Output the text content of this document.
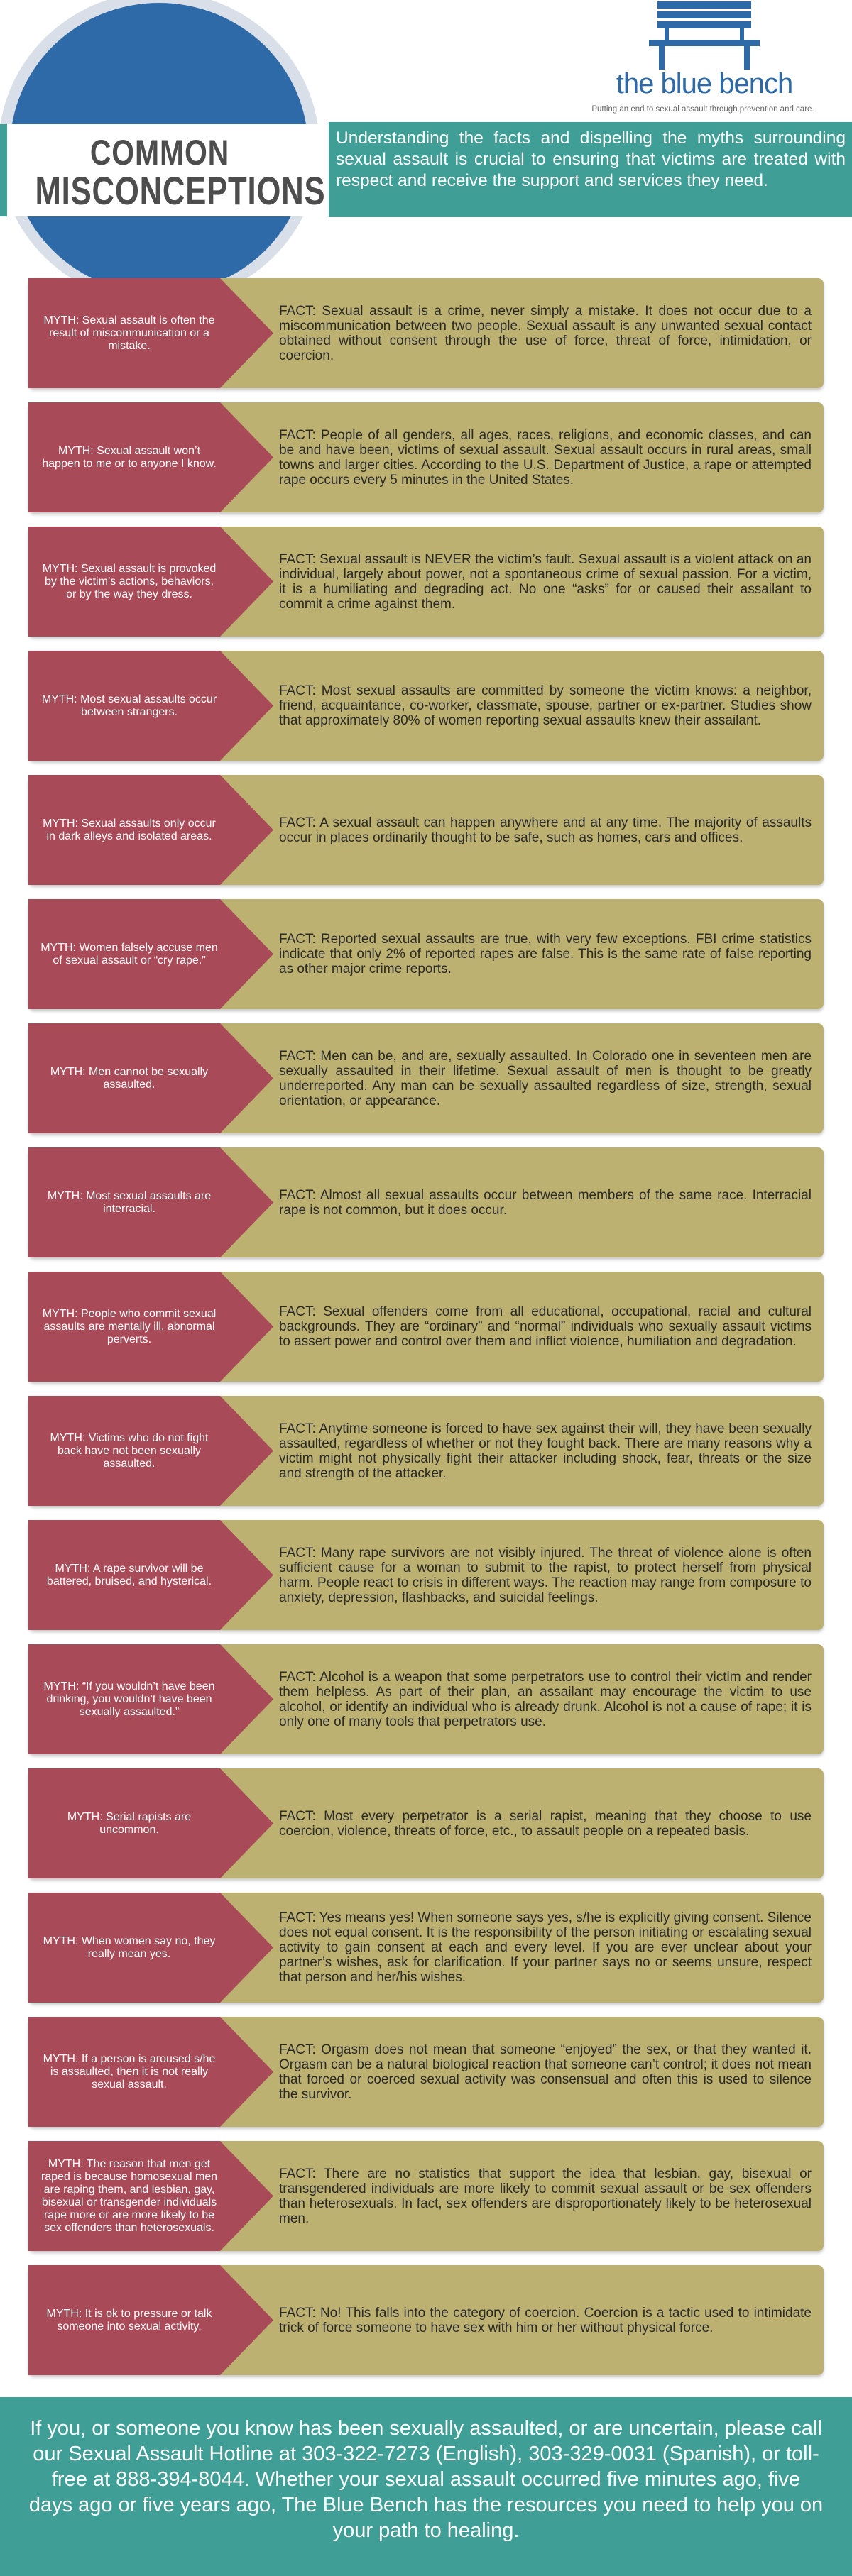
COMMON
MISCONCEPTIONS
Understanding the facts and dispelling the myths surrounding sexual assault is crucial to ensuring that victims are treated with respect and receive the support and services they need.
the blue bench
Putting an end to sexual assault through prevention and care.
MYTH: Sexual assault is often the result of miscommunication or a mistake.
FACT: Sexual assault is a crime, never simply a mistake. It does not occur due to a miscommunication between two people. Sexual assault is any unwanted sexual contact obtained without consent through the use of force, threat of force, intimidation, or coercion.
MYTH: Sexual assault won’t happen to me or to anyone I know.
FACT: People of all genders, all ages, races, religions, and economic classes, and can be and have been, victims of sexual assault. Sexual assault occurs in rural areas, small towns and larger cities. According to the U.S. Department of Justice, a rape or attempted rape occurs every 5 minutes in the United States.
MYTH: Sexual assault is provoked by the victim’s actions, behaviors, or by the way they dress.
FACT: Sexual assault is NEVER the victim’s fault. Sexual assault is a violent attack on an individual, largely about power, not a spontaneous crime of sexual passion. For a victim, it is a humiliating and degrading act. No one “asks” for or caused their assailant to commit a crime against them.
MYTH: Most sexual assaults occur between strangers.
FACT: Most sexual assaults are committed by someone the victim knows: a neighbor, friend, acquaintance, co-worker, classmate, spouse, partner or ex-partner. Studies show that approximately 80% of women reporting sexual assaults knew their assailant.
MYTH: Sexual assaults only occur in dark alleys and isolated areas.
FACT: A sexual assault can happen anywhere and at any time. The majority of assaults occur in places ordinarily thought to be safe, such as homes, cars and offices.
MYTH: Women falsely accuse men of sexual assault or “cry rape.”
FACT: Reported sexual assaults are true, with very few exceptions. FBI crime statistics indicate that only 2% of reported rapes are false. This is the same rate of false reporting as other major crime reports.
MYTH: Men cannot be sexually assaulted.
FACT: Men can be, and are, sexually assaulted. In Colorado one in seventeen men are sexually assaulted in their lifetime. Sexual assault of men is thought to be greatly underreported. Any man can be sexually assaulted regardless of size, strength, sexual orientation, or appearance.
MYTH: Most sexual assaults are interracial.
FACT: Almost all sexual assaults occur between members of the same race. Interracial rape is not common, but it does occur.
MYTH: People who commit sexual assaults are mentally ill, abnormal perverts.
FACT: Sexual offenders come from all educational, occupational, racial and cultural backgrounds. They are “ordinary” and “normal” individuals who sexually assault victims to assert power and control over them and inflict violence, humiliation and degradation.
MYTH: Victims who do not fight back have not been sexually assaulted.
FACT: Anytime someone is forced to have sex against their will, they have been sexually assaulted, regardless of whether or not they fought back. There are many reasons why a victim might not physically fight their attacker including shock, fear, threats or the size and strength of the attacker.
MYTH: A rape survivor will be battered, bruised, and hysterical.
FACT: Many rape survivors are not visibly injured. The threat of violence alone is often sufficient cause for a woman to submit to the rapist, to protect herself from physical harm. People react to crisis in different ways. The reaction may range from composure to anxiety, depression, flashbacks, and suicidal feelings.
MYTH: “If you wouldn’t have been drinking, you wouldn’t have been sexually assaulted.”
FACT: Alcohol is a weapon that some perpetrators use to control their victim and render them helpless. As part of their plan, an assailant may encourage the victim to use alcohol, or identify an individual who is already drunk. Alcohol is not a cause of rape; it is only one of many tools that perpetrators use.
MYTH: Serial rapists are uncommon.
FACT: Most every perpetrator is a serial rapist, meaning that they choose to use coercion, violence, threats of force, etc., to assault people on a repeated basis.
MYTH: When women say no, they really mean yes.
FACT: Yes means yes! When someone says yes, s/he is explicitly giving consent. Silence does not equal consent. It is the responsibility of the person initiating or escalating sexual activity to gain consent at each and every level. If you are ever unclear about your partner’s wishes, ask for clarification. If your partner says no or seems unsure, respect that person and her/his wishes.
MYTH: If a person is aroused s/he is assaulted, then it is not really sexual assault.
FACT: Orgasm does not mean that someone “enjoyed” the sex, or that they wanted it. Orgasm can be a natural biological reaction that someone can’t control; it does not mean that forced or coerced sexual activity was consensual and often this is used to silence the survivor.
MYTH: The reason that men get raped is because homosexual men are raping them, and lesbian, gay, bisexual or transgender individuals rape more or are more likely to be sex offenders than heterosexuals.
FACT: There are no statistics that support the idea that lesbian, gay, bisexual or transgendered individuals are more likely to commit sexual assault or be sex offenders than heterosexuals. In fact, sex offenders are disproportionately likely to be heterosexual men.
MYTH: It is ok to pressure or talk someone into sexual activity.
FACT: No! This falls into the category of coercion. Coercion is a tactic used to intimidate trick of force someone to have sex with him or her without physical force.
If you, or someone you know has been sexually assaulted, or are uncertain, please call our Sexual Assault Hotline at 303-322-7273 (English), 303-329-0031 (Spanish), or toll-free at 888-394-8044. Whether your sexual assault occurred five minutes ago, five days ago or five years ago, The Blue Bench has the resources you need to help you on your path to healing.
